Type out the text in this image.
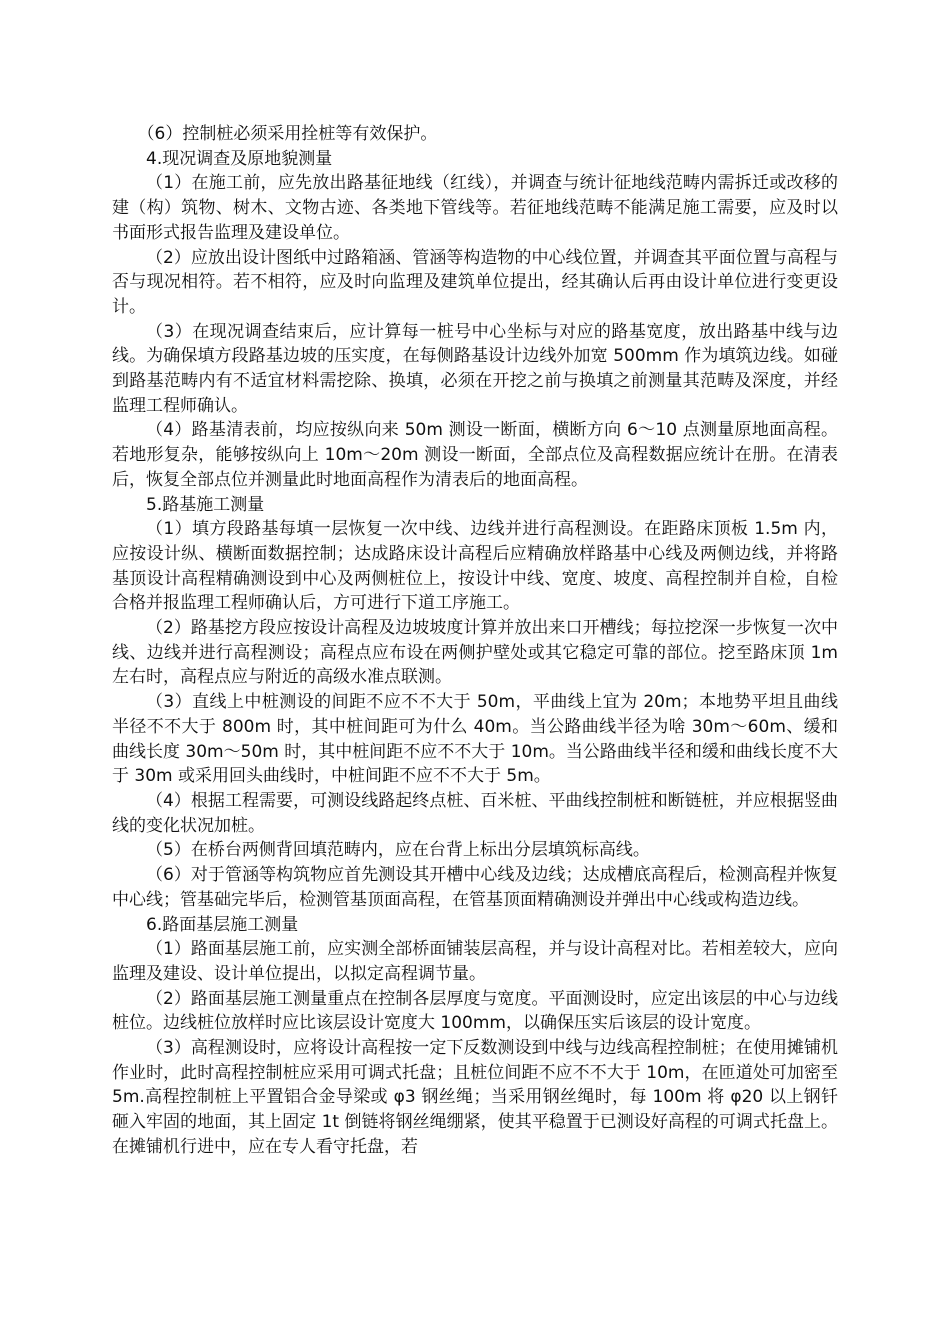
（6）控制桩必须采用拴桩等有效保护。

4.现况调查及原地貌测量

（1）在施工前，应先放出路基征地线（红线），并调查与统计征地线范畴内需拆迁或改移的建（构）筑物、树木、文物古迹、各类地下管线等。若征地线范畴不能满足施工需要，应及时以书面形式报告监理及建设单位。

（2）应放出设计图纸中过路箱涵、管涵等构造物的中心线位置，并调查其平面位置与高程与否与现况相符。若不相符，应及时向监理及建筑单位提出，经其确认后再由设计单位进行变更设计。

（3）在现况调查结束后，应计算每一桩号中心坐标与对应的路基宽度，放出路基中线与边线。为确保填方段路基边坡的压实度，在每侧路基设计边线外加宽 500mm 作为填筑边线。如碰到路基范畴内有不适宜材料需挖除、换填，必须在开挖之前与换填之前测量其范畴及深度，并经监理工程师确认。

（4）路基清表前，均应按纵向来 50m 测设一断面，横断方向 6～10 点测量原地面高程。若地形复杂，能够按纵向上 10m～20m 测设一断面，全部点位及高程数据应统计在册。在清表后，恢复全部点位并测量此时地面高程作为清表后的地面高程。

5.路基施工测量

（1）填方段路基每填一层恢复一次中线、边线并进行高程测设。在距路床顶板 1.5m 内，应按设计纵、横断面数据控制；达成路床设计高程后应精确放样路基中心线及两侧边线，并将路基顶设计高程精确测设到中心及两侧桩位上，按设计中线、宽度、坡度、高程控制并自检，自检合格并报监理工程师确认后，方可进行下道工序施工。

（2）路基挖方段应按设计高程及边坡坡度计算并放出来口开槽线；每拉挖深一步恢复一次中线、边线并进行高程测设；高程点应布设在两侧护壁处或其它稳定可靠的部位。挖至路床顶 1m 左右时，高程点应与附近的高级水准点联测。

（3）直线上中桩测设的间距不应不不大于 50m，平曲线上宜为 20m；本地势平坦且曲线半径不不大于 800m 时，其中桩间距可为什么 40m。当公路曲线半径为啥 30m～60m、缓和曲线长度 30m～50m 时，其中桩间距不应不不大于 10m。当公路曲线半径和缓和曲线长度不大于 30m 或采用回头曲线时，中桩间距不应不不大于 5m。

（4）根据工程需要，可测设线路起终点桩、百米桩、平曲线控制桩和断链桩，并应根据竖曲线的变化状况加桩。

（5）在桥台两侧背回填范畴内，应在台背上标出分层填筑标高线。

（6）对于管涵等构筑物应首先测设其开槽中心线及边线；达成槽底高程后，检测高程并恢复中心线；管基础完毕后，检测管基顶面高程，在管基顶面精确测设并弹出中心线或构造边线。

6.路面基层施工测量

（1）路面基层施工前，应实测全部桥面铺装层高程，并与设计高程对比。若相差较大，应向监理及建设、设计单位提出，以拟定高程调节量。

（2）路面基层施工测量重点在控制各层厚度与宽度。平面测设时，应定出该层的中心与边线桩位。边线桩位放样时应比该层设计宽度大 100mm，以确保压实后该层的设计宽度。

（3）高程测设时，应将设计高程按一定下反数测设到中线与边线高程控制桩；在使用摊铺机作业时，此时高程控制桩应采用可调式托盘；且桩位间距不应不不大于 10m，在匝道处可加密至 5m.高程控制桩上平置铝合金导梁或 φ3 钢丝绳；当采用钢丝绳时，每 100m 将 φ20 以上钢钎砸入牢固的地面，其上固定 1t 倒链将钢丝绳绷紧，使其平稳置于已测设好高程的可调式托盘上。在摊铺机行进中，应在专人看守托盘，若
